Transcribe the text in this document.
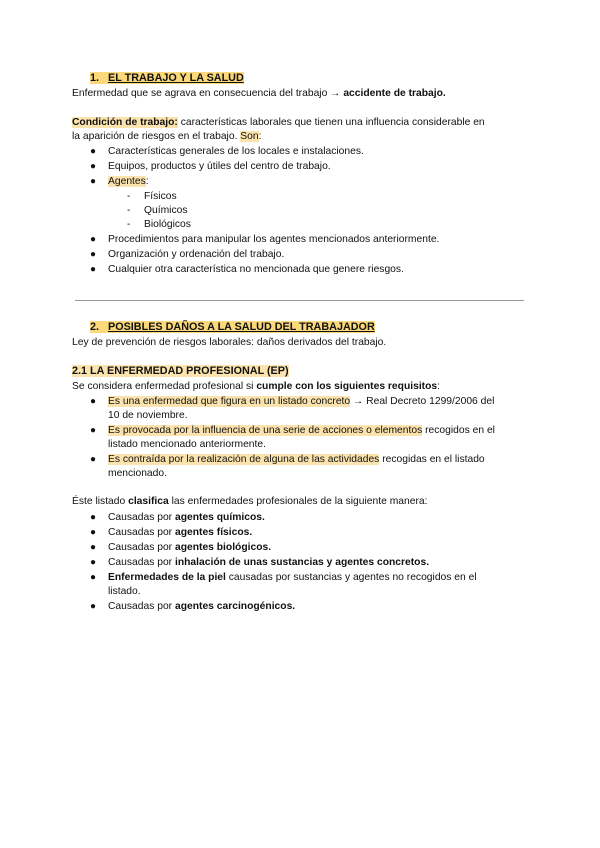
1. EL TRABAJO Y LA SALUD
Enfermedad que se agrava en consecuencia del trabajo → accidente de trabajo.
Condición de trabajo: características laborales que tienen una influencia considerable en
la aparición de riesgos en el trabajo. Son:
● Características generales de los locales e instalaciones.
● Equipos, productos y útiles del centro de trabajo.
● Agentes:
- Físicos
- Químicos
- Biológicos
● Procedimientos para manipular los agentes mencionados anteriormente.
● Organización y ordenación del trabajo.
● Cualquier otra característica no mencionada que genere riesgos.
2. POSIBLES DAÑOS A LA SALUD DEL TRABAJADOR
Ley de prevención de riesgos laborales: daños derivados del trabajo.
2.1 LA ENFERMEDAD PROFESIONAL (EP)
Se considera enfermedad profesional si cumple con los siguientes requisitos:
● Es una enfermedad que figura en un listado concreto → Real Decreto 1299/2006 del
10 de noviembre.
● Es provocada por la influencia de una serie de acciones o elementos recogidos en el
listado mencionado anteriormente.
● Es contraída por la realización de alguna de las actividades recogidas en el listado
mencionado.
Éste listado clasifica las enfermedades profesionales de la siguiente manera:
● Causadas por agentes químicos.
● Causadas por agentes físicos.
● Causadas por agentes biológicos.
● Causadas por inhalación de unas sustancias y agentes concretos.
● Enfermedades de la piel causadas por sustancias y agentes no recogidos en el
listado.
● Causadas por agentes carcinogénicos.
